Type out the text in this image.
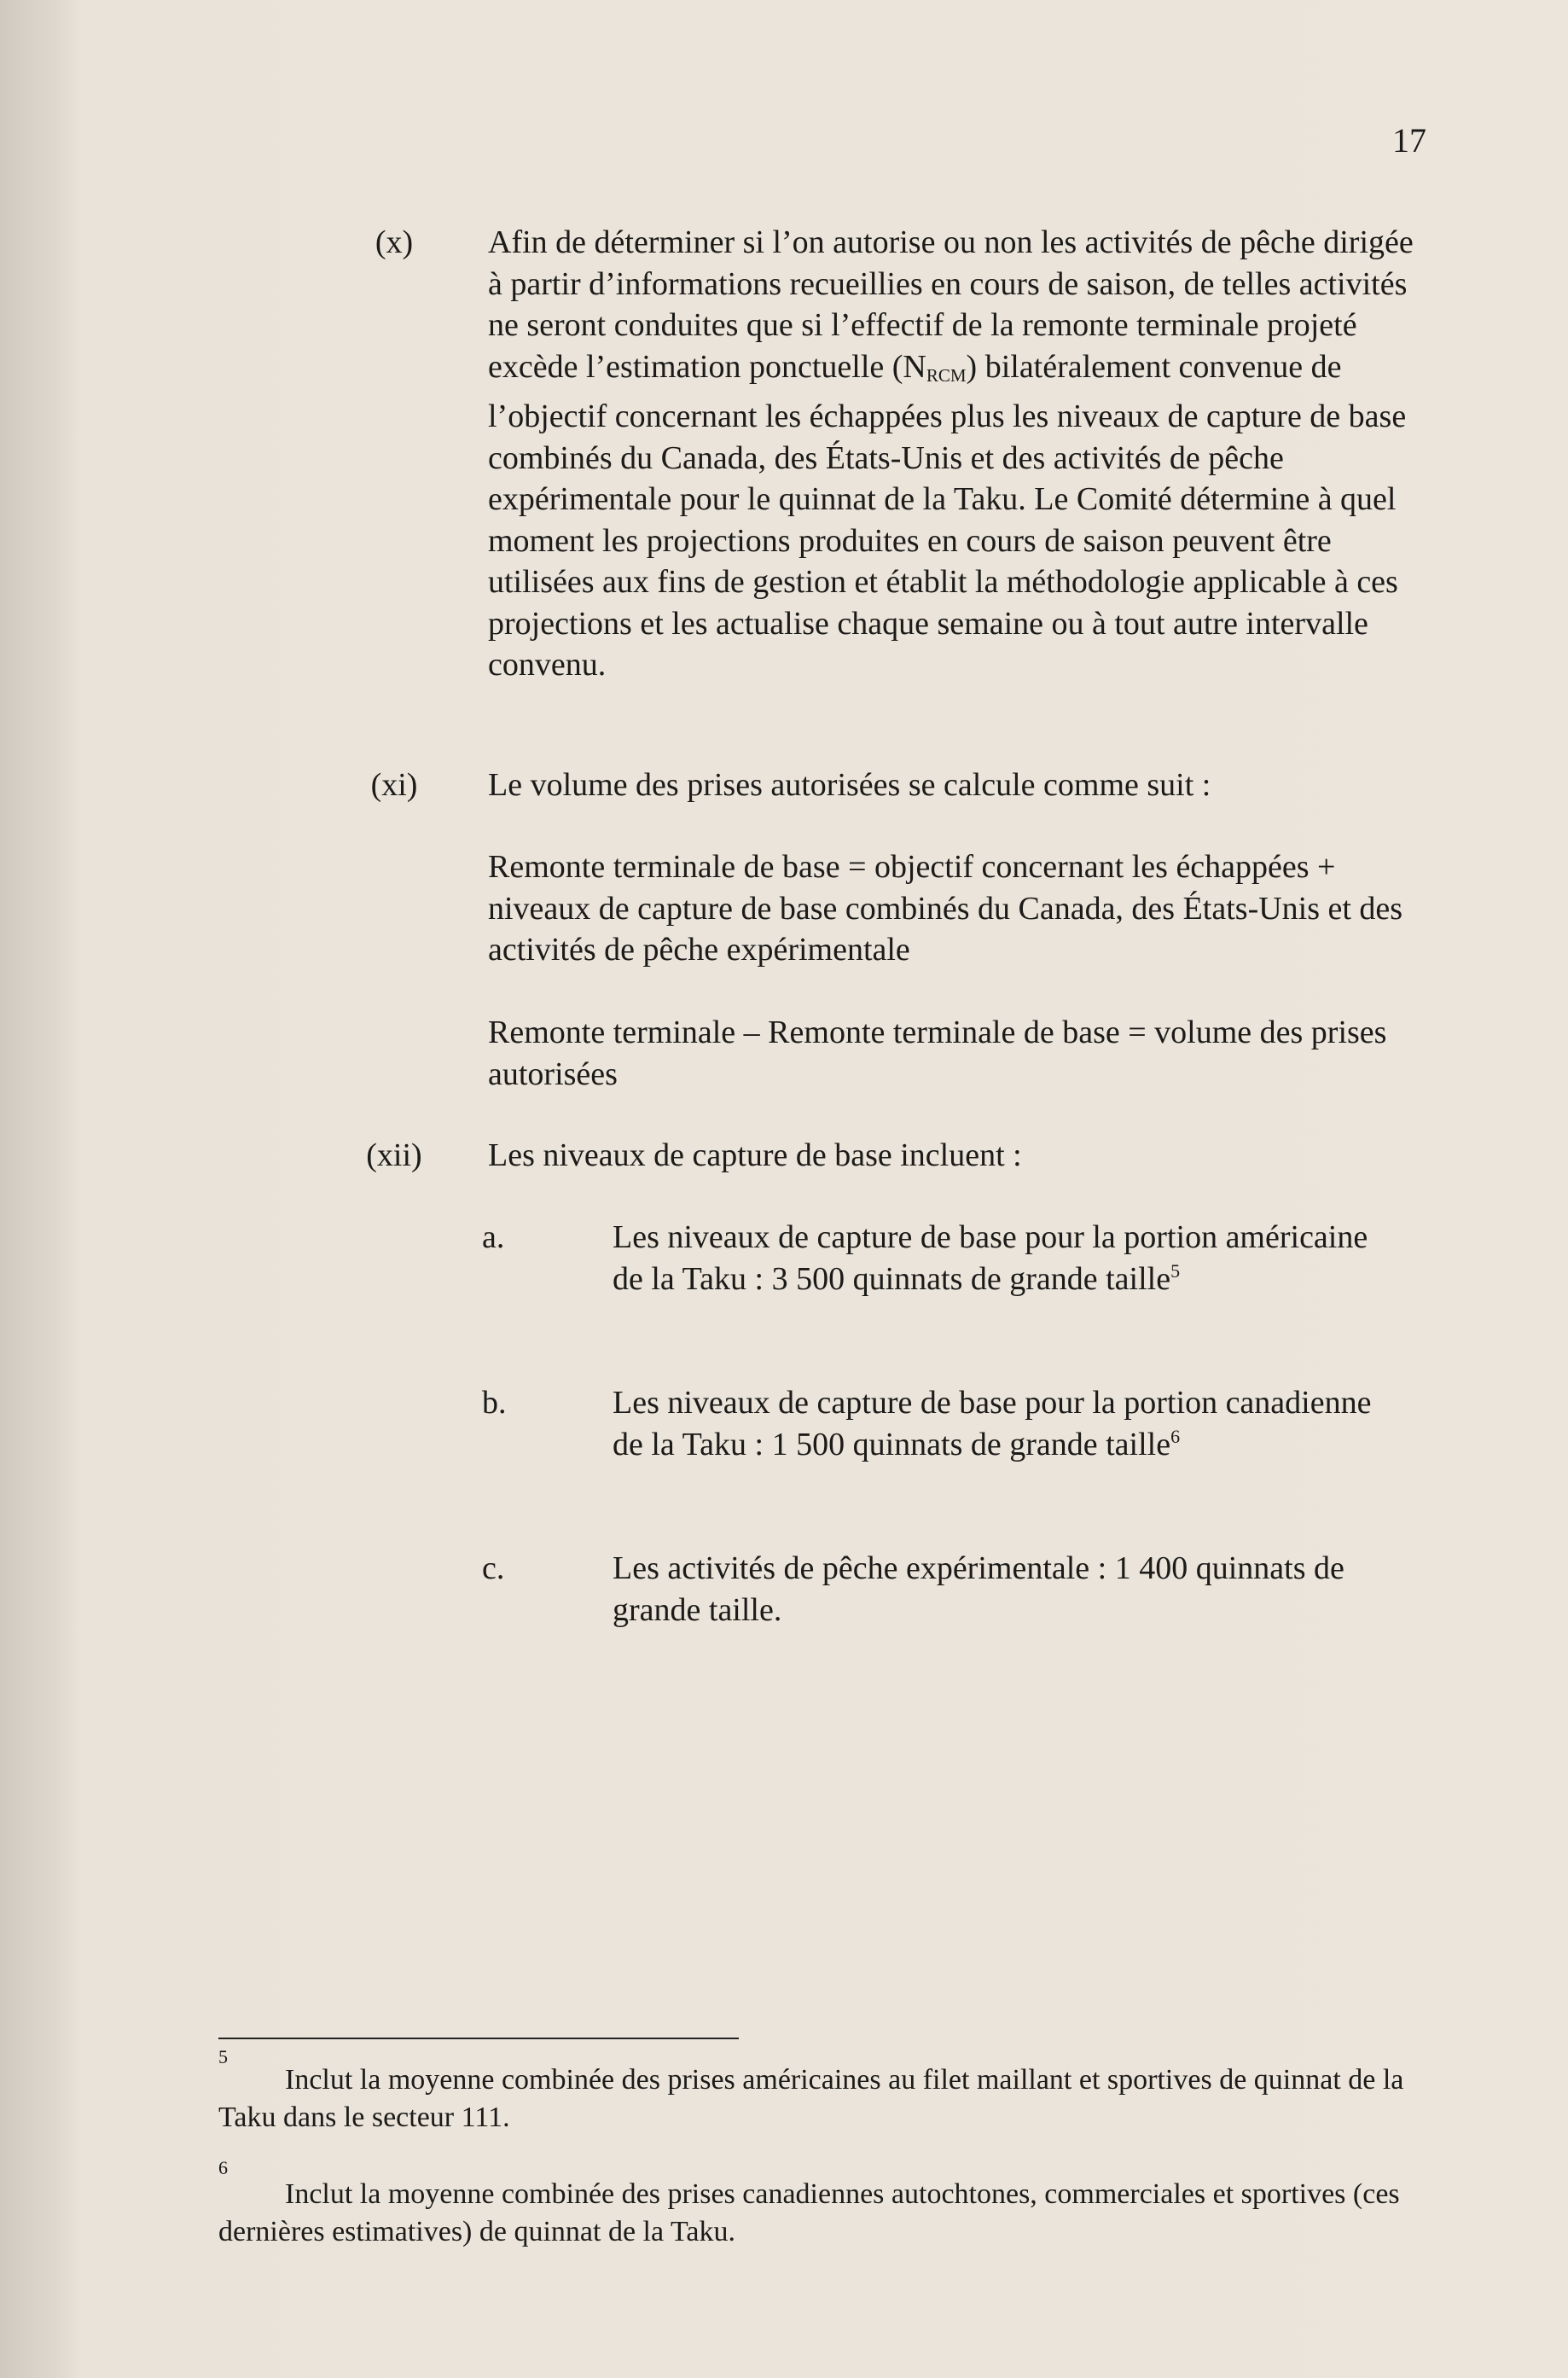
17
(x)	Afin de déterminer si l’on autorise ou non les activités de pêche dirigée à partir d’informations recueillies en cours de saison, de telles activités ne seront conduites que si l’effectif de la remonte terminale projeté excède l’estimation ponctuelle $(N_{RCM})$ bilatéralement convenue de l’objectif concernant les échappées plus les niveaux de capture de base combinés du Canada, des États-Unis et des activités de pêche expérimentale pour le quinnat de la Taku. Le Comité détermine à quel moment les projections produites en cours de saison peuvent être utilisées aux fins de gestion et établit la méthodologie applicable à ces projections et les actualise chaque semaine ou à tout autre intervalle convenu.

(xi)	Le volume des prises autorisées se calcule comme suit :

Remonte terminale de base = objectif concernant les échappées + niveaux de capture de base combinés du Canada, des États-Unis et des activités de pêche expérimentale

Remonte terminale – Remonte terminale de base = volume des prises autorisées

(xii)	Les niveaux de capture de base incluent :

a.	Les niveaux de capture de base pour la portion américaine de la Taku : 3 500 quinnats de grande taille$^5$

b.	Les niveaux de capture de base pour la portion canadienne de la Taku : 1 500 quinnats de grande taille$^6$

c.	Les activités de pêche expérimentale : 1 400 quinnats de grande taille.

5

Inclut la moyenne combinée des prises américaines au filet maillant et sportives de quinnat de la Taku dans le secteur 111.

6

Inclut la moyenne combinée des prises canadiennes autochtones, commerciales et sportives (ces dernières estimatives) de quinnat de la Taku.
